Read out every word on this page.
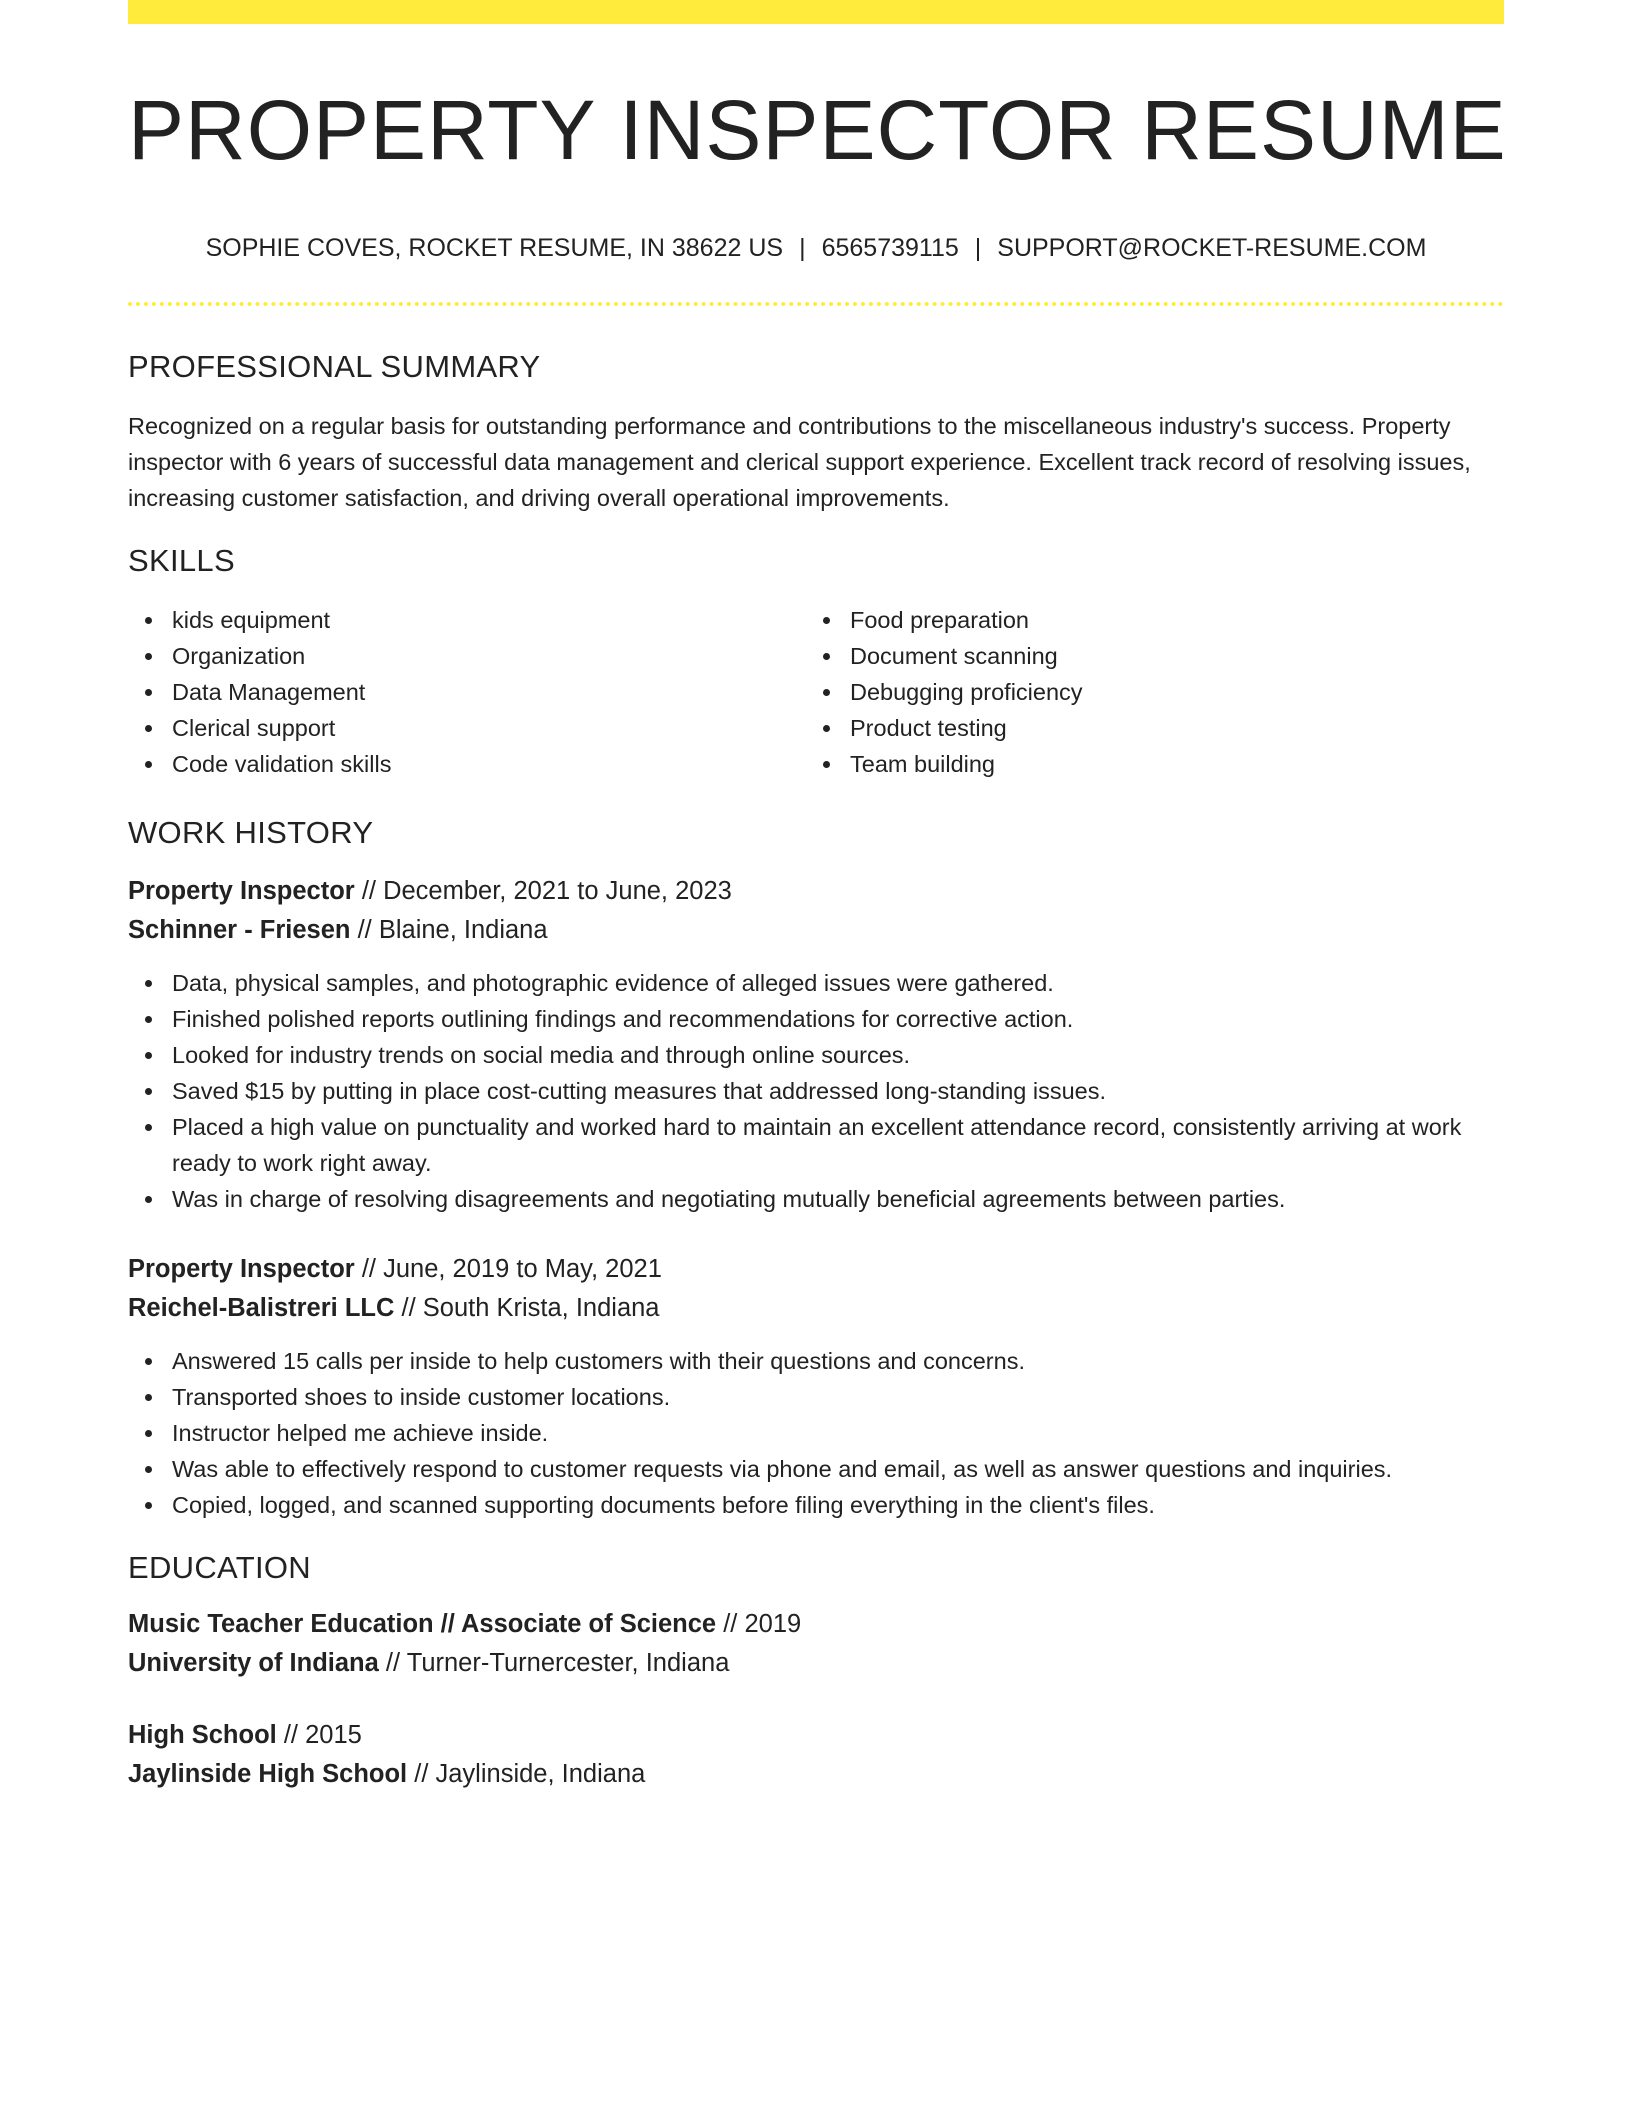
PROPERTY INSPECTOR RESUME
SOPHIE COVES, ROCKET RESUME, IN 38622 US | 6565739115 | SUPPORT@ROCKET-RESUME.COM
PROFESSIONAL SUMMARY

Recognized on a regular basis for outstanding performance and contributions to the miscellaneous industry's success. Property inspector with 6 years of successful data management and clerical support experience. Excellent track record of resolving issues, increasing customer satisfaction, and driving overall operational improvements.

SKILLS
kids equipment
Organization
Data Management
Clerical support
Code validation skills
Food preparation
Document scanning
Debugging proficiency
Product testing
Team building
WORK HISTORY
Property Inspector // December, 2021 to June, 2023
Schinner - Friesen // Blaine, Indiana
Data, physical samples, and photographic evidence of alleged issues were gathered.
Finished polished reports outlining findings and recommendations for corrective action.
Looked for industry trends on social media and through online sources.
Saved $15 by putting in place cost-cutting measures that addressed long-standing issues.
Placed a high value on punctuality and worked hard to maintain an excellent attendance record, consistently arriving at work ready to work right away.
Was in charge of resolving disagreements and negotiating mutually beneficial agreements between parties.
Property Inspector // June, 2019 to May, 2021
Reichel-Balistreri LLC // South Krista, Indiana
Answered 15 calls per inside to help customers with their questions and concerns.
Transported shoes to inside customer locations.
Instructor helped me achieve inside.
Was able to effectively respond to customer requests via phone and email, as well as answer questions and inquiries.
Copied, logged, and scanned supporting documents before filing everything in the client's files.
EDUCATION
Music Teacher Education // Associate of Science // 2019
University of Indiana // Turner-Turnercester, Indiana
High School // 2015
Jaylinside High School // Jaylinside, Indiana
